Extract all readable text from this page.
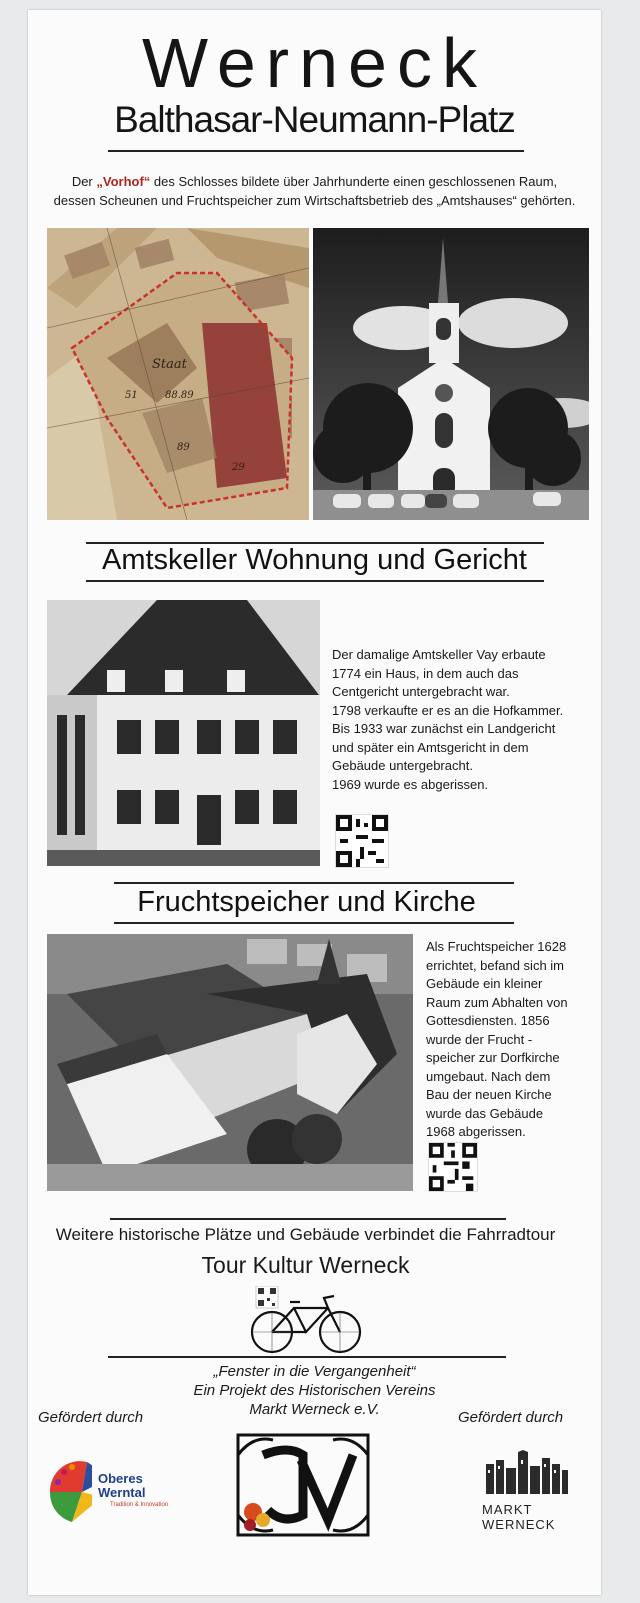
Werneck
Balthasar-Neumann-Platz
Der „Vorhof“ des Schlosses bildete über Jahrhunderte einen geschlossenen Raum,
dessen Scheunen und Fruchtspeicher zum Wirtschaftsbetrieb des „Amtshauses“ gehörten.
Staat
51	88.89
89
29
Amtskeller Wohnung und Gericht
Der damalige Amtskeller Vay erbaute
1774 ein Haus, in dem auch das
Centgericht untergebracht war.
1798 verkaufte er es an die Hofkammer.
Bis 1933 war zunächst ein Landgericht
und später ein Amtsgericht in dem
Gebäude untergebracht.
1969 wurde es abgerissen.
Fruchtspeicher und Kirche
Als Fruchtspeicher 1628
errichtet, befand sich im
Gebäude ein kleiner
Raum zum Abhalten von
Gottesdiensten. 1856
wurde der Frucht -
speicher zur Dorfkirche
umgebaut. Nach dem
Bau der neuen Kirche
wurde das Gebäude
1968 abgerissen.
Weitere historische Plätze und Gebäude verbindet die Fahrradtour
Tour Kultur Werneck
„Fenster in die Vergangenheit“
Ein Projekt des Historischen Vereins
Markt Werneck e.V.
Gefördert durch	Gefördert durch
Oberes
Werntal
Tradition & Innovation	MARKT
WERNECK
